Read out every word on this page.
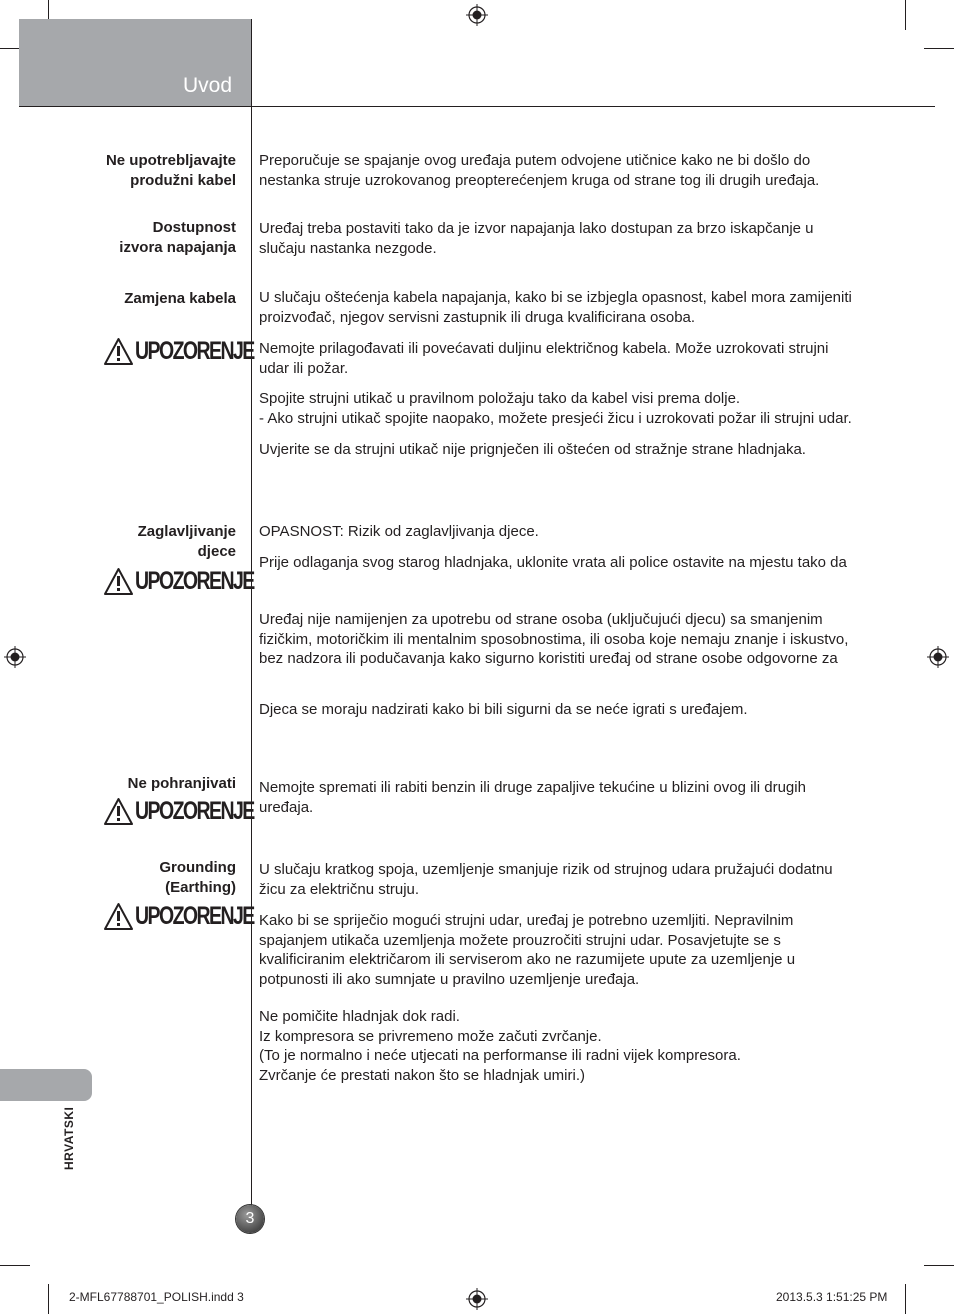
Uvod
Ne upotrebljavajte
produžni kabel
Preporučuje se spajanje ovog uređaja putem odvojene utičnice kako ne bi došlo do
nestanka struje uzrokovanog preopterećenjem kruga od strane tog ili drugih uređaja.
Dostupnost
izvora napajanja
Uređaj treba postaviti tako da je izvor napajanja lako dostupan za brzo iskapčanje u
slučaju nastanka nezgode.
Zamjena kabela
UPOZORENJE
U slučaju oštećenja kabela napajanja, kako bi se izbjegla opasnost, kabel mora zamijeniti
proizvođač, njegov servisni zastupnik ili druga kvalificirana osoba.
Nemojte prilagođavati ili povećavati duljinu električnog kabela. Može uzrokovati strujni
udar ili požar.
Spojite strujni utikač u pravilnom položaju tako da kabel visi prema dolje.
- Ako strujni utikač spojite naopako, možete presjeći žicu i uzrokovati požar ili strujni udar.
Uvjerite se da strujni utikač nije prignječen ili oštećen od stražnje strane hladnjaka.
Zaglavljivanje
djece
UPOZORENJE
OPASNOST: Rizik od zaglavljivanja djece.
Prije odlaganja svog starog hladnjaka, uklonite vrata ali police ostavite na mjestu tako da
Uređaj nije namijenjen za upotrebu od strane osoba (uključujući djecu) sa smanjenim
fizičkim, motoričkim ili mentalnim sposobnostima, ili osoba koje nemaju znanje i iskustvo,
bez nadzora ili podučavanja kako sigurno koristiti uređaj od strane osobe odgovorne za
Djeca se moraju nadzirati kako bi bili sigurni da se neće igrati s uređajem.
Ne pohranjivati
UPOZORENJE
Nemojte spremati ili rabiti benzin ili druge zapaljive tekućine u blizini ovog ili drugih
uređaja.
Grounding
(Earthing)
UPOZORENJE
U slučaju kratkog spoja, uzemljenje smanjuje rizik od strujnog udara pružajući dodatnu
žicu za električnu struju.
Kako bi se spriječio mogući strujni udar, uređaj je potrebno uzemljiti. Nepravilnim
spajanjem utikača uzemljenja možete prouzročiti strujni udar. Posavjetujte se s
kvalificiranim električarom ili serviserom ako ne razumijete upute za uzemljenje u
potpunosti ili ako sumnjate u pravilno uzemljenje uređaja.
Ne pomičite hladnjak dok radi.
Iz kompresora se privremeno može začuti zvrčanje.
(To je normalno i neće utjecati na performanse ili radni vijek kompresora.
Zvrčanje će prestati nakon što se hladnjak umiri.)
HRVATSKI
3
2-MFL67788701_POLISH.indd 3	2013.5.3 1:51:25 PM
